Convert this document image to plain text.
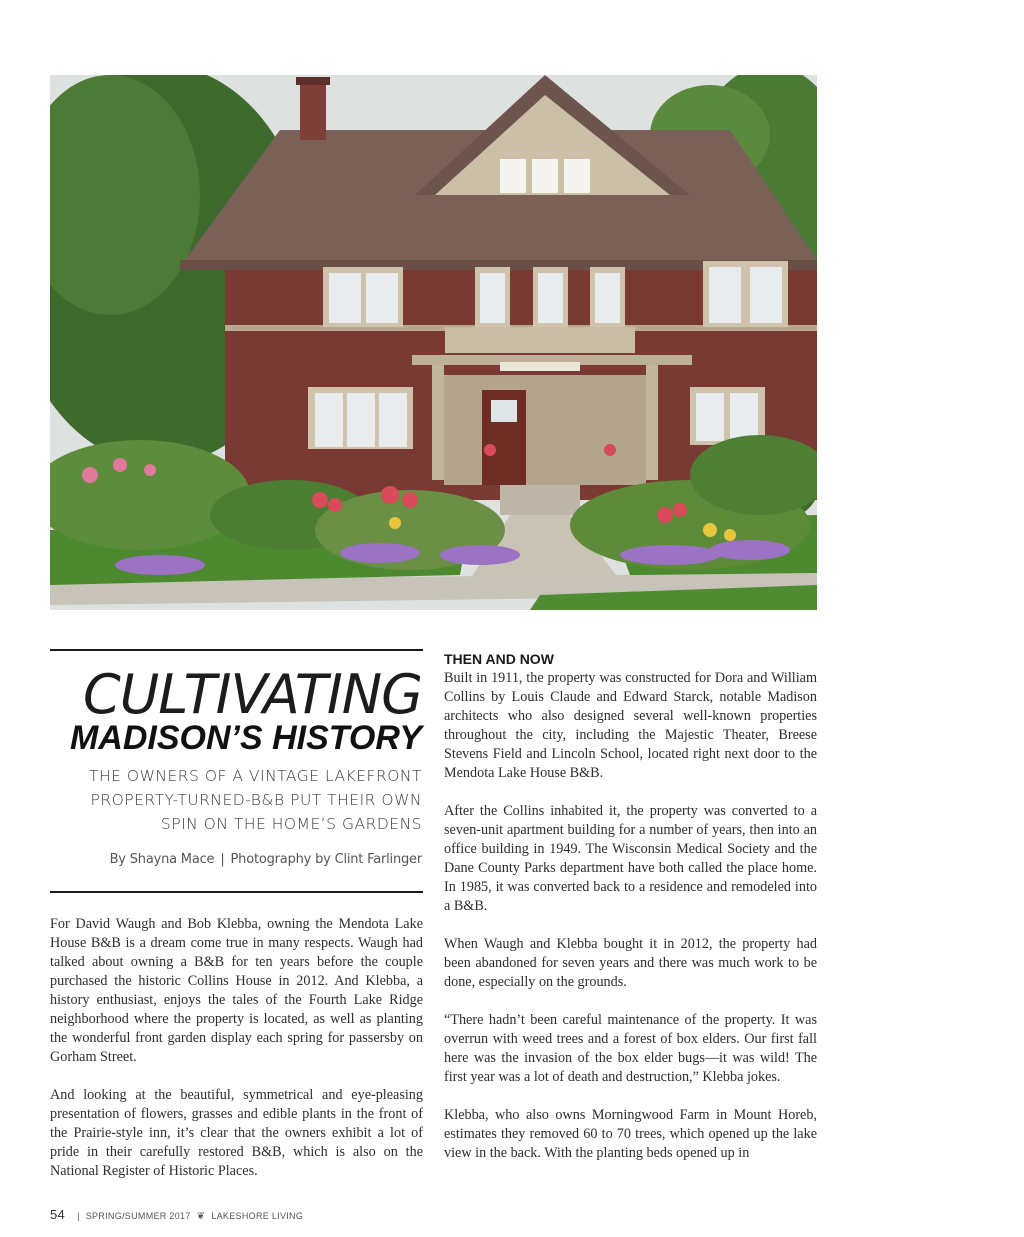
CULTIVATING
MADISON’S HISTORY

THE OWNERS OF A VINTAGE LAKEFRONT PROPERTY-TURNED-B&B PUT THEIR OWN SPIN ON THE HOME’S GARDENS

By Shayna Mace | Photography by Clint Farlinger

For David Waugh and Bob Klebba, owning the Mendota Lake House B&B is a dream come true in many respects. Waugh had talked about owning a B&B for ten years before the couple purchased the historic Collins House in 2012. And Klebba, a history enthusiast, enjoys the tales of the Fourth Lake Ridge neighborhood where the property is located, as well as planting the wonderful front garden display each spring for passersby on Gorham Street.

And looking at the beautiful, symmetrical and eye-pleasing presentation of flowers, grasses and edible plants in the front of the Prairie-style inn, it’s clear that the owners exhibit a lot of pride in their carefully restored B&B, which is also on the National Register of Historic Places.

THEN AND NOW

Built in 1911, the property was constructed for Dora and William Collins by Louis Claude and Edward Starck, notable Madison architects who also designed several well-known properties throughout the city, including the Majestic Theater, Breese Stevens Field and Lincoln School, located right next door to the Mendota Lake House B&B.

After the Collins inhabited it, the property was converted to a seven-unit apartment building for a number of years, then into an office building in 1949. The Wisconsin Medical Society and the Dane County Parks department have both called the place home. In 1985, it was converted back to a residence and remodeled into a B&B.

When Waugh and Klebba bought it in 2012, the property had been abandoned for seven years and there was much work to be done, especially on the grounds.

“There hadn’t been careful maintenance of the property. It was overrun with weed trees and a forest of box elders. Our first fall here was the invasion of the box elder bugs—it was wild! The first year was a lot of death and destruction,” Klebba jokes.

Klebba, who also owns Morningwood Farm in Mount Horeb, estimates they removed 60 to 70 trees, which opened up the lake view in the back. With the planting beds opened up in

54 | SPRING/SUMMER 2017 ❦ LAKESHORE LIVING
